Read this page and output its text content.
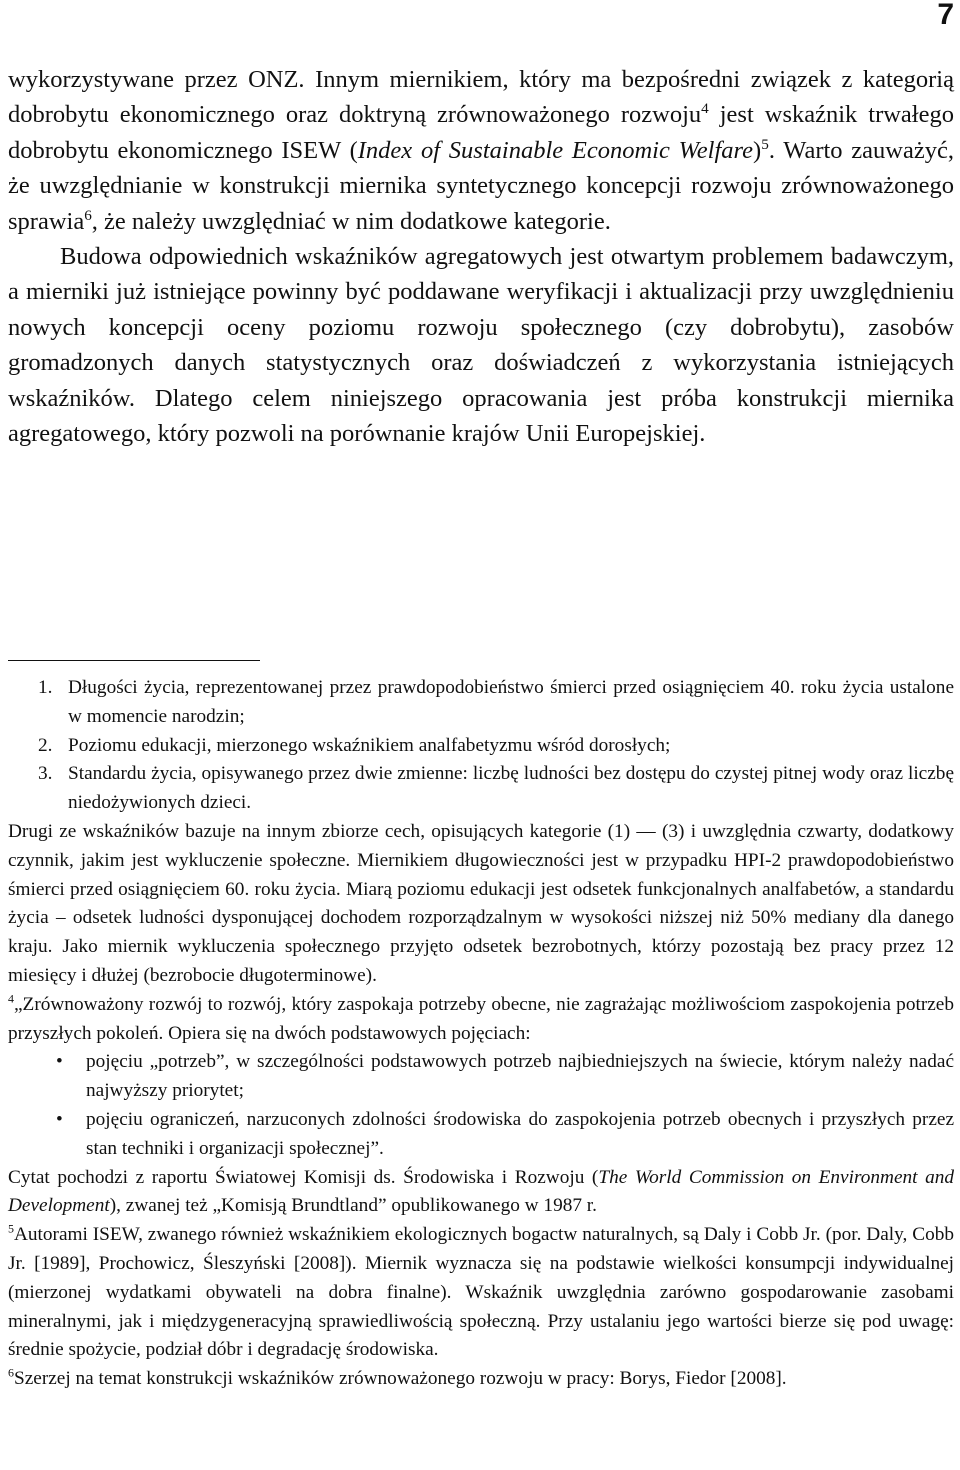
7

wykorzystywane przez ONZ. Innym miernikiem, który ma bezpośredni związek z kategorią dobrobytu ekonomicznego oraz doktryną zrównoważonego rozwoju$^4$ jest wskaźnik trwałego dobrobytu ekonomicznego ISEW (Index of Sustainable Economic Welfare)$^5$. Warto zauważyć, że uwzględnianie w konstrukcji miernika syntetycznego koncepcji rozwoju zrównoważonego sprawia$^6$, że należy uwzględniać w nim dodatkowe kategorie.

Budowa odpowiednich wskaźników agregatowych jest otwartym problemem badawczym, a mierniki już istniejące powinny być poddawane weryfikacji i aktualizacji przy uwzględnieniu nowych koncepcji oceny poziomu rozwoju społecznego (czy dobrobytu), zasobów gromadzonych danych statystycznych oraz doświadczeń z wykorzystania istniejących wskaźników. Dlatego celem niniejszego opracowania jest próba konstrukcji miernika agregatowego, który pozwoli na porównanie krajów Unii Europejskiej.

1. Długości życia, reprezentowanej przez prawdopodobieństwo śmierci przed osiągnięciem 40. roku życia ustalone w momencie narodzin;
2. Poziomu edukacji, mierzonego wskaźnikiem analfabetyzmu wśród dorosłych;
3. Standardu życia, opisywanego przez dwie zmienne: liczbę ludności bez dostępu do czystej pitnej wody oraz liczbę niedożywionych dzieci.

Drugi ze wskaźników bazuje na innym zbiorze cech, opisujących kategorie (1) — (3) i uwzględnia czwarty, dodatkowy czynnik, jakim jest wykluczenie społeczne. Miernikiem długowieczności jest w przypadku HPI-2 prawdopodobieństwo śmierci przed osiągnięciem 60. roku życia. Miarą poziomu edukacji jest odsetek funkcjonalnych analfabetów, a standardu życia – odsetek ludności dysponującej dochodem rozporządzalnym w wysokości niższej niż 50% mediany dla danego kraju. Jako miernik wykluczenia społecznego przyjęto odsetek bezrobotnych, którzy pozostają bez pracy przez 12 miesięcy i dłużej (bezrobocie długoterminowe).

$^4$„Zrównoważony rozwój to rozwój, który zaspokaja potrzeby obecne, nie zagrażając możliwościom zaspokojenia potrzeb przyszłych pokoleń. Opiera się na dwóch podstawowych pojęciach:

• pojęciu „potrzeb”, w szczególności podstawowych potrzeb najbiedniejszych na świecie, którym należy nadać najwyższy priorytet;
• pojęciu ograniczeń, narzuconych zdolności środowiska do zaspokojenia potrzeb obecnych i przyszłych przez stan techniki i organizacji społecznej”.

Cytat pochodzi z raportu Światowej Komisji ds. Środowiska i Rozwoju (The World Commission on Environment and Development), zwanej też „Komisją Brundtland” opublikowanego w 1987 r.

$^5$Autorami ISEW, zwanego również wskaźnikiem ekologicznych bogactw naturalnych, są Daly i Cobb Jr. (por. Daly, Cobb Jr. [1989], Prochowicz, Śleszyński [2008]). Miernik wyznacza się na podstawie wielkości konsumpcji indywidualnej (mierzonej wydatkami obywateli na dobra finalne). Wskaźnik uwzględnia zarówno gospodarowanie zasobami mineralnymi, jak i międzygeneracyjną sprawiedliwością społeczną. Przy ustalaniu jego wartości bierze się pod uwagę: średnie spożycie, podział dóbr i degradację środowiska.

$^6$Szerzej na temat konstrukcji wskaźników zrównoważonego rozwoju w pracy: Borys, Fiedor [2008].
